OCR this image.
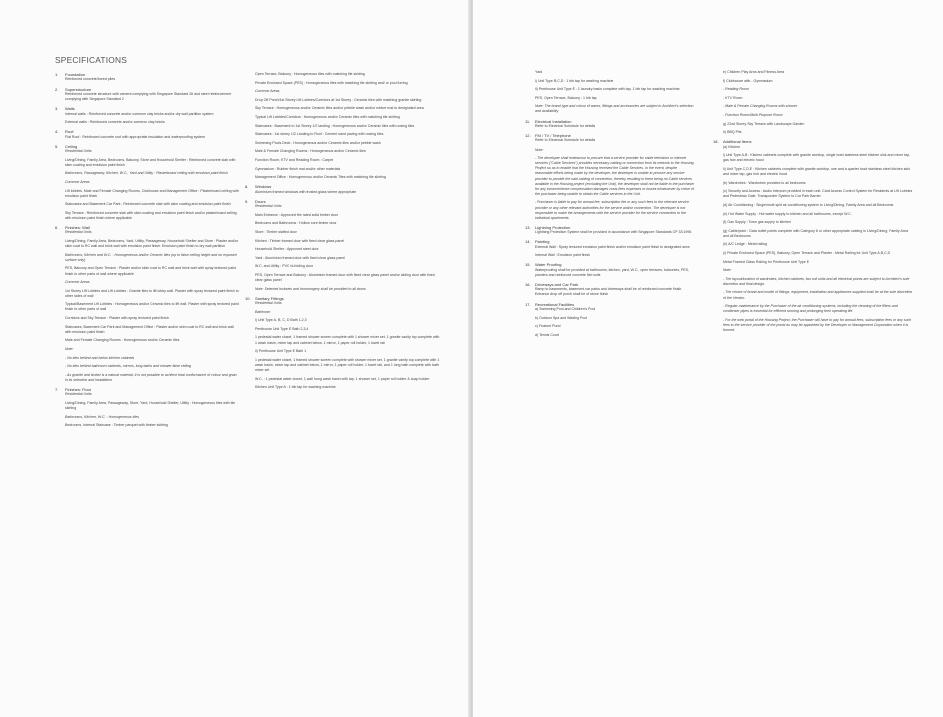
SPECIFICATIONS
1.	Foundation
Reinforced concrete/bored piles
2.	Superstructure
Reinforced concrete structure with cement complying with Singapore Standard 26 and steel reinforcement complying with Singapore Standard 2
3.	Walls
Internal walls : Reinforced concrete and/or common clay bricks and/or dry wall partition system
External walls : Reinforced concrete and/or common clay bricks
4.	Roof
Flat Roof : Reinforced concrete roof with appropriate insulation and waterproofing system
5.	Ceiling
Residential Units
Living/Dining, Family Area, Bedrooms, Balcony, Store and Household Shelter : Reinforced concrete slab with skim coating and emulsion paint finish
Bathrooms, Passageway, Kitchen, W.C., Yard and Utility : Plasterboard ceiling with emulsion paint finish
Common Areas
Lift lobbies, Male and Female Changing Rooms, Clubhouse and Management Office : Plasterboard ceiling with emulsion paint finish
Staircases and Basement Car Park : Reinforced concrete slab with skim coating and emulsion paint finish
Sky Terrace : Reinforced concrete slab with skim coating and emulsion paint finish and/or plasterboard ceiling with emulsion paint finish where applicable
6.	Finishes: Wall
Residential Units
Living/Dining, Family Area, Bedrooms, Yard, Utility, Passageway, Household Shelter and Store : Plaster and/or skim coat to RC wall and brick wall with emulsion paint finish. Emulsion paint finish to dry wall partition
Bathrooms, Kitchen and W.C. : Homogeneous and/or Ceramic tiles (up to false ceiling height and on exposed surface only)
PES, Balcony and Open Terrace : Plaster and/or skim coat to RC wall and brick wall with spray textured paint finish to other parts of wall where applicable
Common Areas
1st Storey Lift Lobbies and Lift Lobbies : Granite tiles to lift lobby wall. Plaster with spray textured paint finish to other sides of wall
Typical/Basement Lift Lobbies : Homogeneous and/or Ceramic tiles to lift wall. Plaster with spray textured paint finish to other parts of wall
Corridors and Sky Terrace : Plaster with spray textured paint finish
Staircases, Basement Car Park and Management Office : Plaster and/or skim coat to RC wall and brick wall with emulsion paint finish
Male and Female Changing Rooms : Homogeneous and/or Ceramic tiles
Note:
- No tiles behind and below kitchen cabinets
- No tiles behind bathroom cabinets, mirrors, long baths and shower false ceiling
- As granite and timber is a natural material, it is not possible to achieve total conformance of colour and grain in its selection and installation
7.	Finishes: Floor
Residential Units
Living/Dining, Family Area, Passageway, Store, Yard, Household Shelter, Utility : Homogeneous tiles with tile skirting
Bathrooms, Kitchen, W.C. : Homogeneous tiles
Bedrooms, Internal Staircase : Timber parquet with timber skirting
Open Terrace, Balcony : Homogeneous tiles with matching tile skirting
Private Enclosed Space (PES) : Homogeneous tiles with matching tile skirting and/ or pool furring
Common Areas
Drop Off Porch/1st Storey Lift Lobbies/Corridors at 1st Storey : Ceramic tiles with matching granite skirting
Sky Terrace : Homogeneous and/or Ceramic tiles and/or pebble wash and/or rubber mat to designated area
Typical Lift Lobbies/Corridors : Homogeneous and/or Ceramic tiles with matching tile skirting
Staircases : Basement to 1st Storey 1/2 landing : Homogeneous and/or Ceramic tiles with nosing tiles
Staircases : 1st storey 1/2 Landing to Roof : Cement sand paving with nosing tiles
Swimming Pools Deck : Homogeneous and/or Ceramic tiles and/or pebble wash
Male & Female Changing Rooms : Homogeneous and/or Ceramic tiles
Function Room, KTV and Reading Room : Carpet
Gymnasium : Rubber finish mat and/or other materials
Management Office : Homogeneous and/or Ceramic Tiles with matching tile skirting
8.	Windows
Aluminium framed windows with frosted glass where appropriate
9.	Doors
Residential Units
Main Entrance : Approved fire rated solid timber door
Bedrooms and Bathrooms : Hollow core timber door
Store : Timber slatted door
Kitchen : Timber framed door with fixed clear glass panel
Household Shelter : Approved steel door
Yard : Aluminium framed door with fixed clear glass panel
W.C. and Utility : PVC bi-folding door
PES, Open Terrace and Balcony : Aluminium framed door with fixed clear glass panel and/or sliding door with fixed clear glass panel
Note: Selected locksets and ironmongery shall be provided to all doors
10.	Sanitary Fittings
Residential Units
Bathroom
i) Unit Type A, B, C, D Bath 1,2,3
Penthouse Unit Type E Bath 2,3,4
1 pedestal water closet, 1 framed shower screen complete with 1 shower mixer set, 1 granite vanity top complete with 1 wash basin, mixer tap and cabinet below, 1 mirror, 1 paper roll holder, 1 towel rail
ii) Penthouse Unit Type E Bath 1
1 pedestal water closet, 1 framed shower screen complete with shower mixer set, 1 granite vanity top complete with 1 wash basin, mixer tap and cabinet below, 1 mirror, 1 paper roll holder, 1 towel rail, and 1 long bath complete with bath mixer set
W.C. : 1 pedestal water closet, 1 wall hung wash basin with tap, 1 shower set, 1 paper roll holder & soap holder
Kitchen Unit Type A : 1 bib tap for washing machine
Yard
i) Unit Type B,C,D : 1 bib tap for washing machine
ii) Penthouse Unit Type E : 1 laundry basin complete with tap, 1 bib tap for washing machine
PES, Open Terrace, Balcony : 1 bib tap
Note: The brand type and colour of wares, fittings and accessories are subject to Architect's selection and availability
11.	Electrical Installation
Refer to Electrical Schedule for details
12.	FM / TV / Telephone
Refer to Electrical Schedule for details
Note:
- The developer shall endeavour to procure that a service provider for cable television or internet services ("Cable Services") provides necessary cabling or connection from its network to the Housing Project so as to enable that the Housing received the Cable Services. In the event, despite reasonable efforts being made by the developer, the developer is unable to procure any service provider to provide the said cabling of connection, thereby resulting in there being no Cable services available in the Housing project (excluding the Unit), the developer shall not be liable to the purchaser for any inconvenience compensation damages costs fees expenses or losses whatsoever by virtue of the purchaser being unable to obtain the Cable services in the Unit.
- Purchaser is liable to pay for annual fee, subscription fee or any such fees to the relevant service provider or any other relevant authorities for the service and/or connection. The developer is not responsible to make the arrangements with the service provider for the service connection to the individual apartments.
13.	Lightning Protection
Lightning Protection System shall be provided in accordance with Singapore Standards CP 33:1996
14.	Painting
External Wall : Spray textured emulsion paint finish and/or emulsion paint finish to designated area
Internal Wall : Emulsion paint finish
15.	Water Proofing
Waterproofing shall be provided at bathrooms, kitchen, yard, W.C., open terraces, balconies, PES, planters and reinforced concrete flat roofs
16.	Driveways and Car Park
Ramp to basements, basement car parks and driveways shall be of reinforced concrete finish. Entrance drop off porch shall be of stone finish
17.	Recreational Facilities
a) Swimming Pool and Children's Pool
b) Outdoor Spa and Wading Pool
c) Feature Pond
d) Tennis Court
e) Children Play Area and Fitness Area
f) Clubhouse with - Gymnasium
- Reading Room
- KTV Room
- Male & Female Changing Rooms with shower
- Function Room/Multi-Purpose Room
g) 22nd Storey Sky Terrace with Landscape Garden
h) BBQ Pits
18.	Additional Items
(a) Kitchen
i) Unit Type A,B : Kitchen cabinets complete with granite worktop, single bowl stainless steel kitchen sink and mixer tap, gas hob and electric hood
ii) Unit Type C,D,E : Kitchen cabinets complete with granite worktop, one and a quarter bowl stainless steel kitchen sink and mixer tap, gas hob and electric hood
(b) Wardrobes : Wardrobes provided to all bedrooms
(c) Security and Access : Audio intercom provided in each unit. Card Access Control System for Residents at Lift Lobbies and Pedestrian Gate. Transponder System to Car Park Barrier
(d) Air Conditioning : Single/multi split air conditioning system to Living/Dining, Family Area and all Bedrooms
(e) Hot Water Supply : Hot water supply to kitchen and all bathrooms, except W.C.
(f) Gas Supply : Town gas supply to kitchen
(g) Cable/point : Data outlet points complete with Category 6 or other appropriate cabling in Living/Dining, Family Area and all Bedrooms
(h) A/C Ledge : Metal railing
(i) Private Enclosed Space (PES), Balcony, Open Terrace and Planter : Metal Railing for Unit Type A,B,C,D
Metal Framed Glass Railing for Penthouse Unit Type E
Note:
- The layout/location of wardrobes, kitchen cabinets, fan coil units and all electrical points are subject to Architect's sole discretion and final design.
- The choice of brand and model of fittings, equipment, installation and appliances supplied shall be at the sole discretion of the Vendor.
- Regular maintenance by the Purchaser of the air conditioning systems, including the cleaning of the filters and condenser pipes is essential for efficient running and prolonging their operating life.
- For the web portal of the Housing Project, the Purchaser will have to pay for annual fees, subscription fees or any such fees to the service provider of the portal as may be appointed by the Developer or Management Corporation when it is formed.
